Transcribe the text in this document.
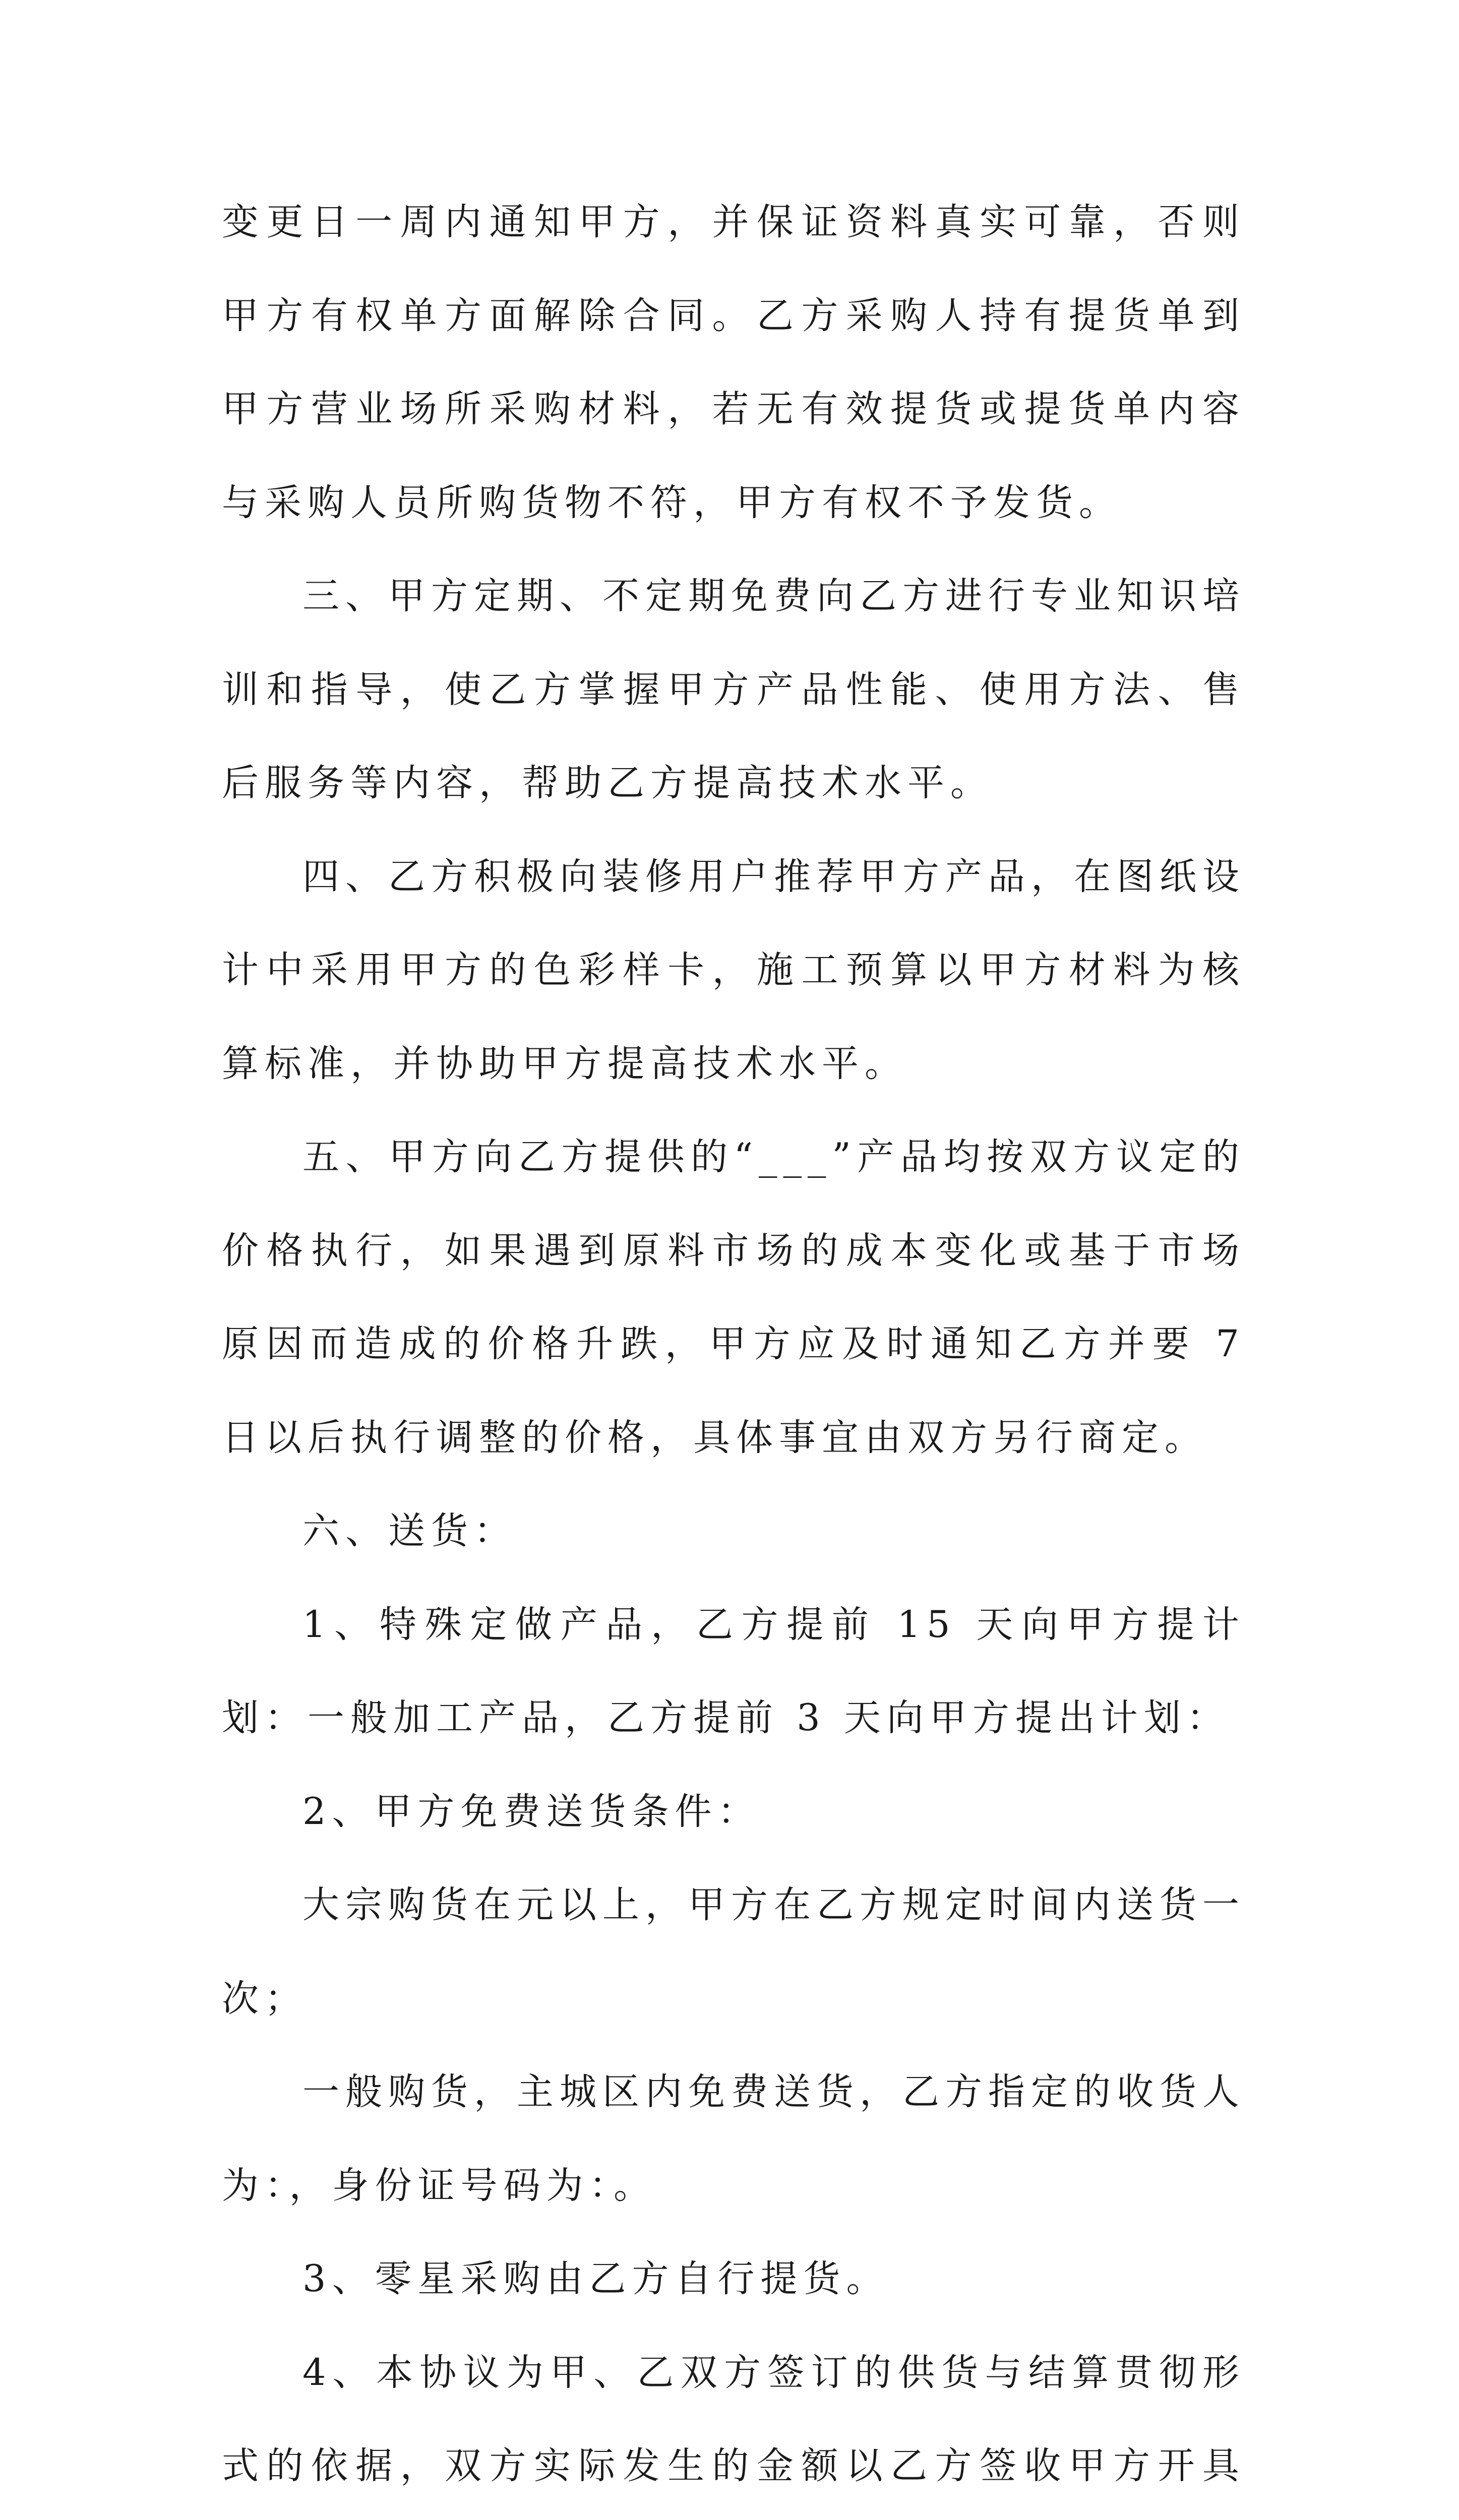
变更日一周内通知甲方，并保证资料真实可靠，否则甲方有权单方面解除合同。乙方采购人持有提货单到甲方营业场所采购材料，若无有效提货或提货单内容与采购人员所购货物不符，甲方有权不予发货。

三、甲方定期、不定期免费向乙方进行专业知识培训和指导，使乙方掌握甲方产品性能、使用方法、售后服务等内容，帮助乙方提高技术水平。

四、乙方积极向装修用户推荐甲方产品，在图纸设计中采用甲方的色彩样卡，施工预算以甲方材料为核算标准，并协助甲方提高技术水平。

五、甲方向乙方提供的“___”产品均按双方议定的价格执行，如果遇到原料市场的成本变化或基于市场原因而造成的价格升跌，甲方应及时通知乙方并要 7 日以后执行调整的价格，具体事宜由双方另行商定。

六、送货：

1、特殊定做产品，乙方提前 15 天向甲方提计划：一般加工产品，乙方提前 3 天向甲方提出计划：

2、甲方免费送货条件：

大宗购货在元以上，甲方在乙方规定时间内送货一次；

一般购货，主城区内免费送货，乙方指定的收货人为：，身份证号码为：。

3、零星采购由乙方自行提货。

4、本协议为甲、乙双方签订的供货与结算贯彻形式的依据，双方实际发生的金额以乙方签收甲方开具
